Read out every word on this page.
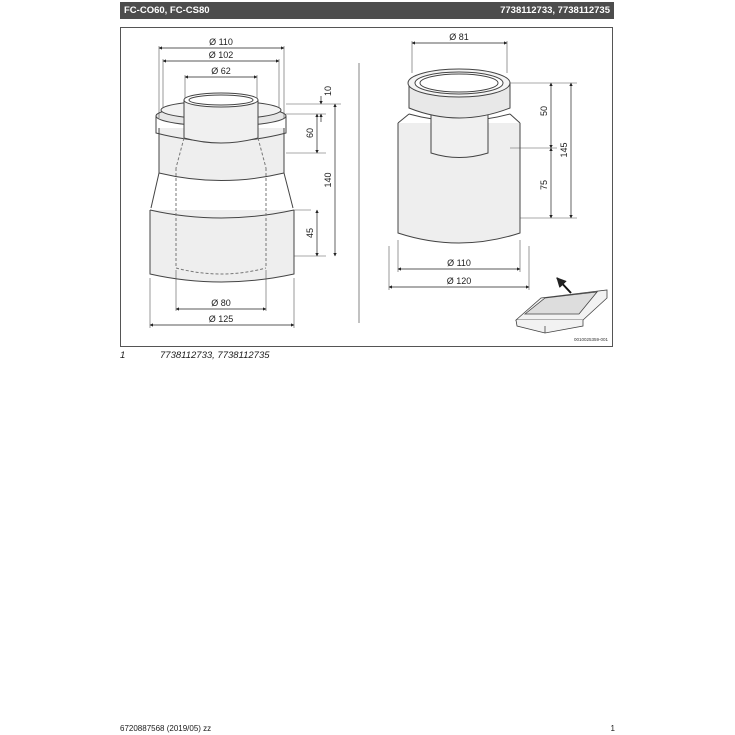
FC-CO60, FC-CS80	7738112733, 7738112735
Ø 110
Ø 102
Ø 62
Ø 80
Ø 125
10
60
140
45
Ø 81
Ø 110
Ø 120
50
145
75
0010025359-001
1	7738112733, 7738112735
6720887568 (2019/05) zz	1
